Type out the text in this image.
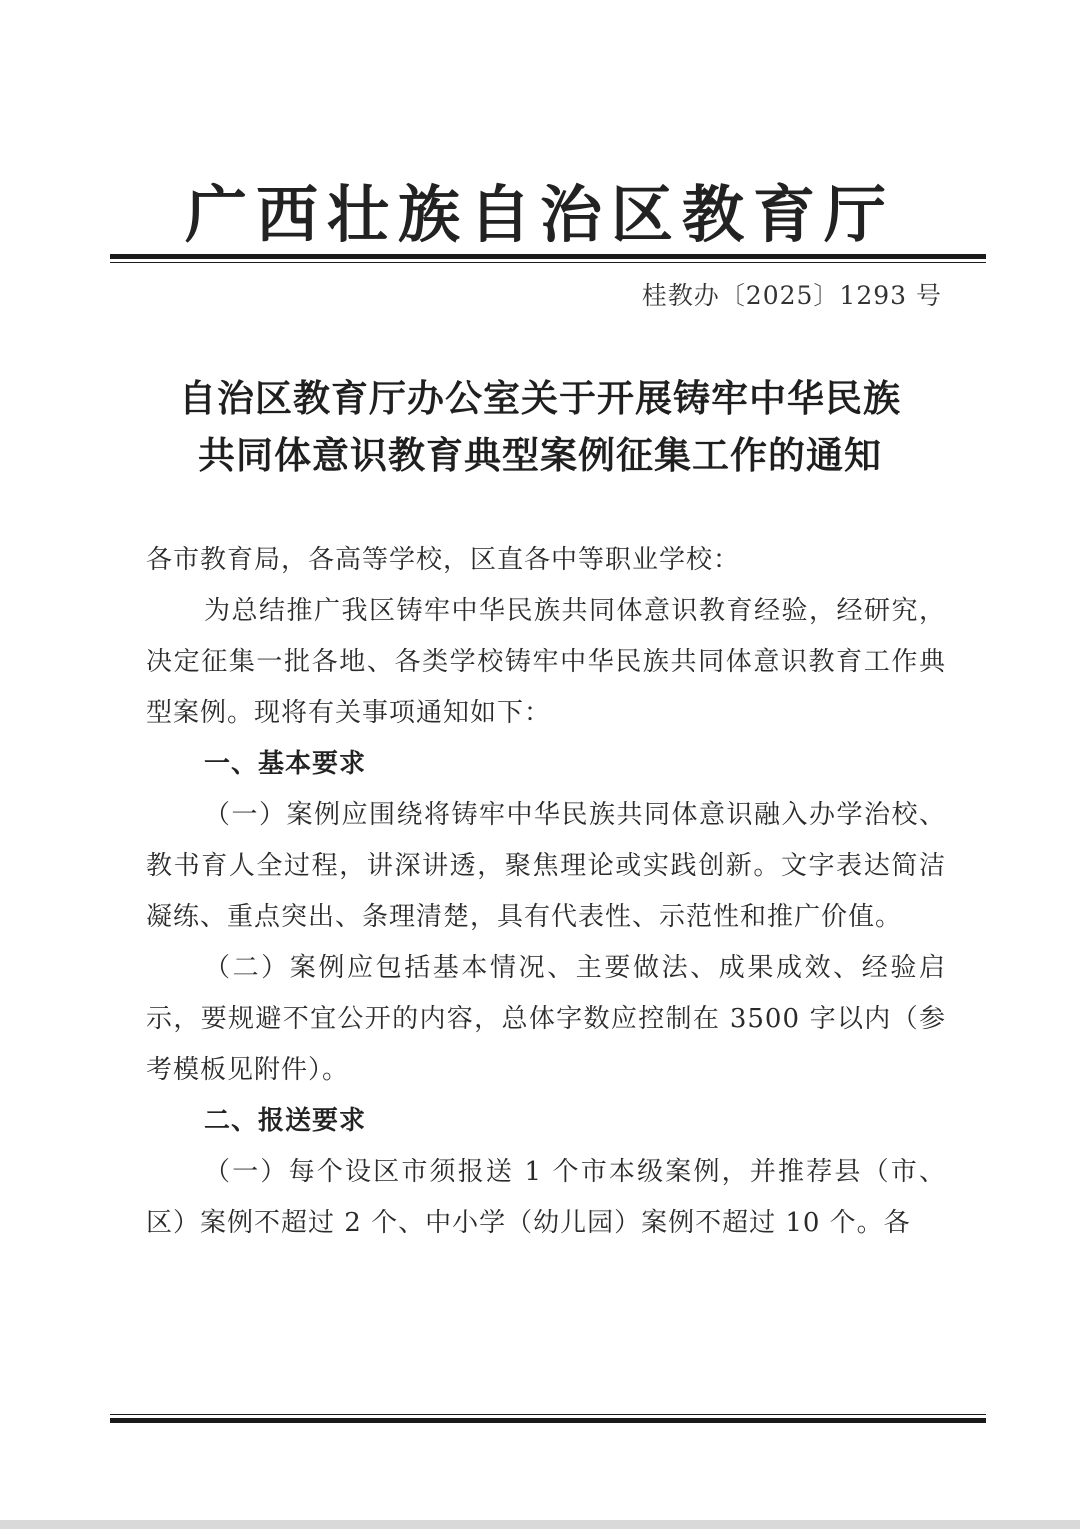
广西壮族自治区教育厅
桂教办〔2025〕1293 号
自治区教育厅办公室关于开展铸牢中华民族
共同体意识教育典型案例征集工作的通知

各市教育局，各高等学校，区直各中等职业学校：

为总结推广我区铸牢中华民族共同体意识教育经验，经研究，决定征集一批各地、各类学校铸牢中华民族共同体意识教育工作典型案例。现将有关事项通知如下：

一、基本要求

（一）案例应围绕将铸牢中华民族共同体意识融入办学治校、教书育人全过程，讲深讲透，聚焦理论或实践创新。文字表达简洁凝练、重点突出、条理清楚，具有代表性、示范性和推广价值。

（二）案例应包括基本情况、主要做法、成果成效、经验启示，要规避不宜公开的内容，总体字数应控制在 3500 字以内（参考模板见附件）。

二、报送要求

（一）每个设区市须报送 1 个市本级案例，并推荐县（市、区）案例不超过 2 个、中小学（幼儿园）案例不超过 10 个。各
